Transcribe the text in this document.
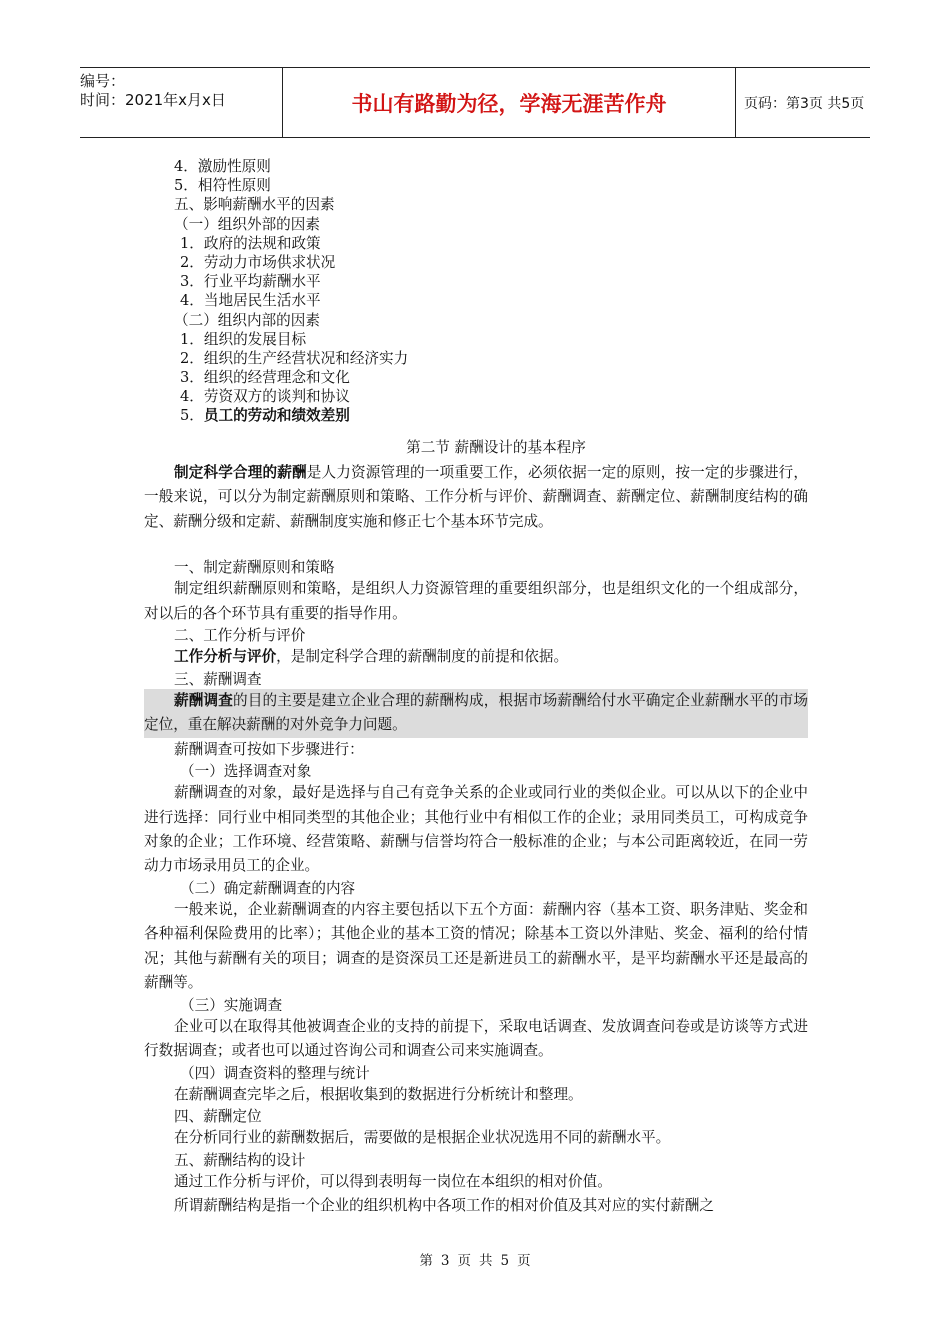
编号：
时间：2021年x月x日	书山有路勤为径，学海无涯苦作舟	页码：第3页 共5页
4．激励性原则
5．相符性原则
五、影响薪酬水平的因素
（一）组织外部的因素
1．政府的法规和政策
2．劳动力市场供求状况
3．行业平均薪酬水平
4．当地居民生活水平
（二）组织内部的因素
1．组织的发展目标
2．组织的生产经营状况和经济实力
3．组织的经营理念和文化
4．劳资双方的谈判和协议
5．员工的劳动和绩效差别
第二节 薪酬设计的基本程序
制定科学合理的薪酬是人力资源管理的一项重要工作，必须依据一定的原则，按一定的步骤进行，一般来说，可以分为制定薪酬原则和策略、工作分析与评价、薪酬调查、薪酬定位、薪酬制度结构的确定、薪酬分级和定薪、薪酬制度实施和修正七个基本环节完成。
一、制定薪酬原则和策略
制定组织薪酬原则和策略，是组织人力资源管理的重要组织部分，也是组织文化的一个组成部分，对以后的各个环节具有重要的指导作用。
二、工作分析与评价
工作分析与评价，是制定科学合理的薪酬制度的前提和依据。
三、薪酬调查
薪酬调查的目的主要是建立企业合理的薪酬构成，根据市场薪酬给付水平确定企业薪酬水平的市场定位，重在解决薪酬的对外竞争力问题。
薪酬调查可按如下步骤进行：
（一）选择调查对象
薪酬调查的对象，最好是选择与自己有竞争关系的企业或同行业的类似企业。可以从以下的企业中进行选择：同行业中相同类型的其他企业；其他行业中有相似工作的企业；录用同类员工，可构成竞争对象的企业；工作环境、经营策略、薪酬与信誉均符合一般标准的企业；与本公司距离较近，在同一劳动力市场录用员工的企业。
（二）确定薪酬调查的内容
一般来说，企业薪酬调查的内容主要包括以下五个方面：薪酬内容（基本工资、职务津贴、奖金和各种福利保险费用的比率）；其他企业的基本工资的情况；除基本工资以外津贴、奖金、福利的给付情况；其他与薪酬有关的项目；调查的是资深员工还是新进员工的薪酬水平，是平均薪酬水平还是最高的薪酬等。
（三）实施调查
企业可以在取得其他被调查企业的支持的前提下，采取电话调查、发放调查问卷或是访谈等方式进行数据调查；或者也可以通过咨询公司和调查公司来实施调查。
（四）调查资料的整理与统计
在薪酬调查完毕之后，根据收集到的数据进行分析统计和整理。
四、薪酬定位
在分析同行业的薪酬数据后，需要做的是根据企业状况选用不同的薪酬水平。
五、薪酬结构的设计
通过工作分析与评价，可以得到表明每一岗位在本组织的相对价值。
所谓薪酬结构是指一个企业的组织机构中各项工作的相对价值及其对应的实付薪酬之
第 3 页 共 5 页
